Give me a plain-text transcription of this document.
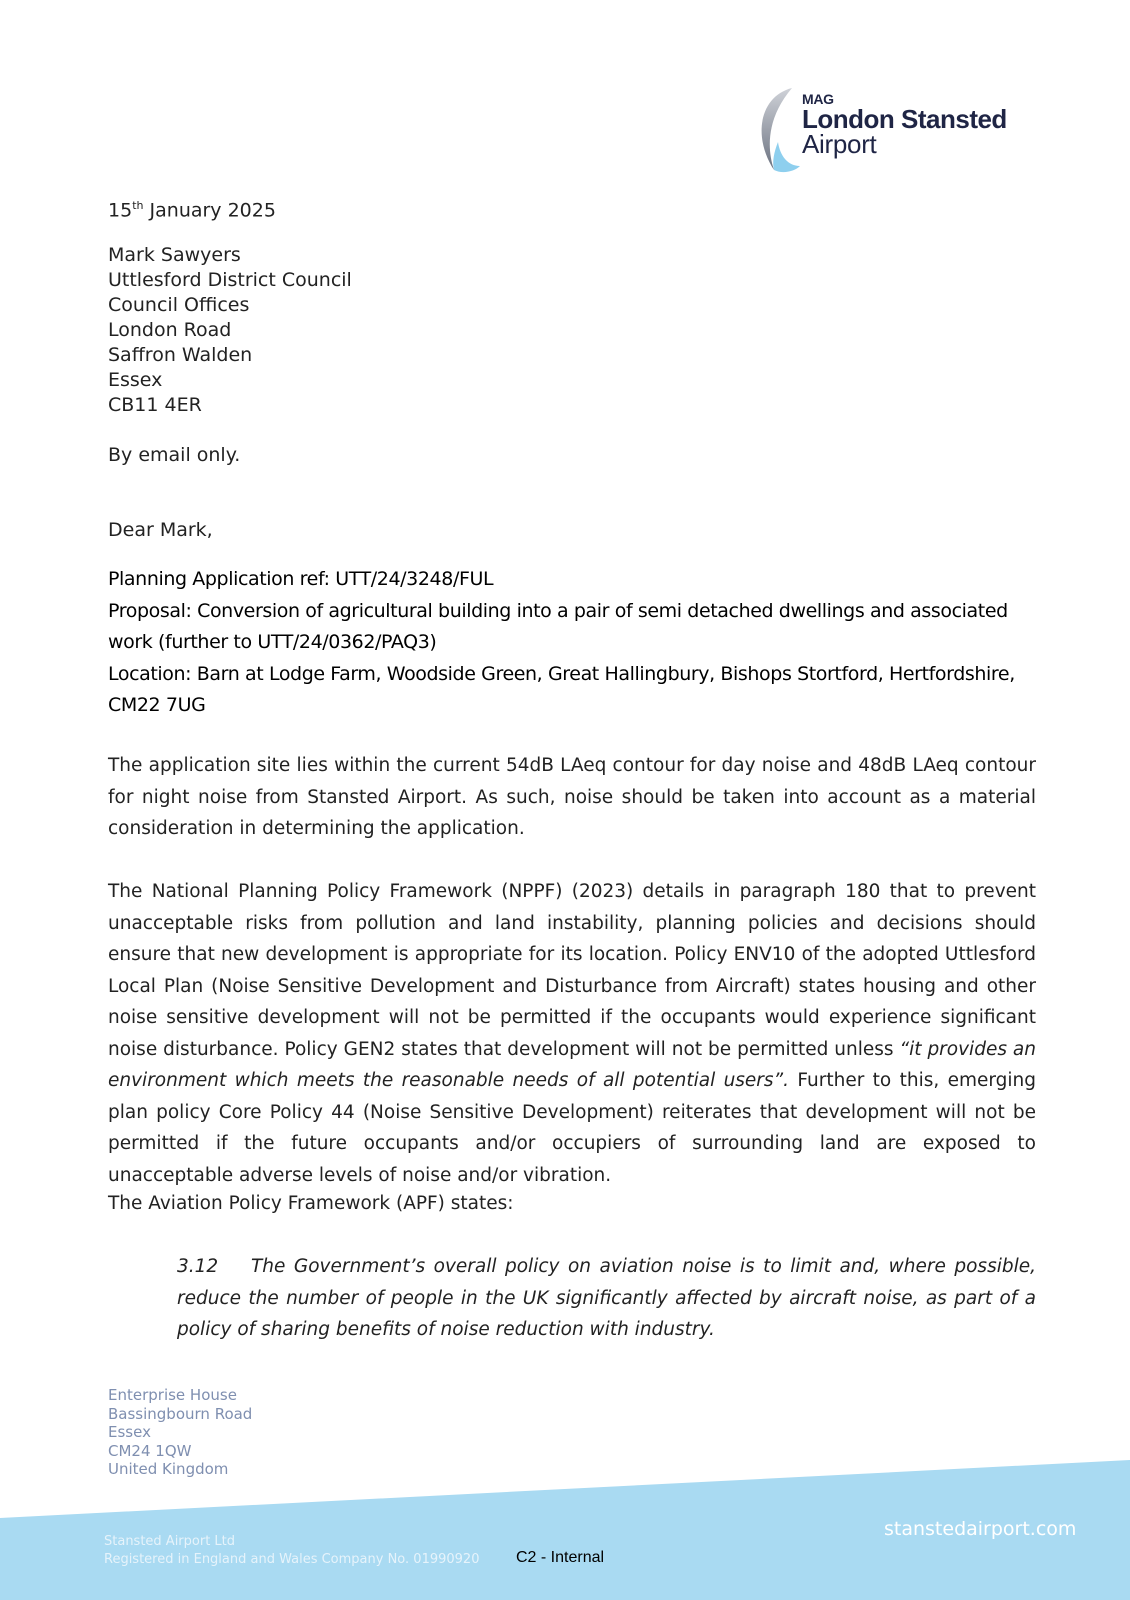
MAG
London Stansted
Airport
15th January 2025
Mark Sawyers
Uttlesford District Council
Council Offices
London Road
Saffron Walden
Essex
CB11 4ER
By email only.
Dear Mark,
Planning Application ref: UTT/24/3248/FUL
Proposal: Conversion of agricultural building into a pair of semi detached dwellings and associated work (further to UTT/24/0362/PAQ3)
Location: Barn at Lodge Farm, Woodside Green, Great Hallingbury, Bishops Stortford, Hertfordshire, CM22 7UG
The application site lies within the current 54dB LAeq contour for day noise and 48dB LAeq contour for night noise from Stansted Airport. As such, noise should be taken into account as a material consideration in determining the application.
The National Planning Policy Framework (NPPF) (2023) details in paragraph 180 that to prevent unacceptable risks from pollution and land instability, planning policies and decisions should ensure that new development is appropriate for its location. Policy ENV10 of the adopted Uttlesford Local Plan (Noise Sensitive Development and Disturbance from Aircraft) states housing and other noise sensitive development will not be permitted if the occupants would experience significant noise disturbance. Policy GEN2 states that development will not be permitted unless “it provides an environment which meets the reasonable needs of all potential users”. Further to this, emerging plan policy Core Policy 44 (Noise Sensitive Development) reiterates that development will not be permitted if the future occupants and/or occupiers of surrounding land are exposed to unacceptable adverse levels of noise and/or vibration.
The Aviation Policy Framework (APF) states:
3.12 The Government’s overall policy on aviation noise is to limit and, where possible, reduce the number of people in the UK significantly affected by aircraft noise, as part of a policy of sharing benefits of noise reduction with industry.
Enterprise House
Bassingbourn Road
Essex
CM24 1QW
United Kingdom
Stansted Airport Ltd
Registered in England and Wales Company No. 01990920
stanstedairport.com
C2 - Internal
